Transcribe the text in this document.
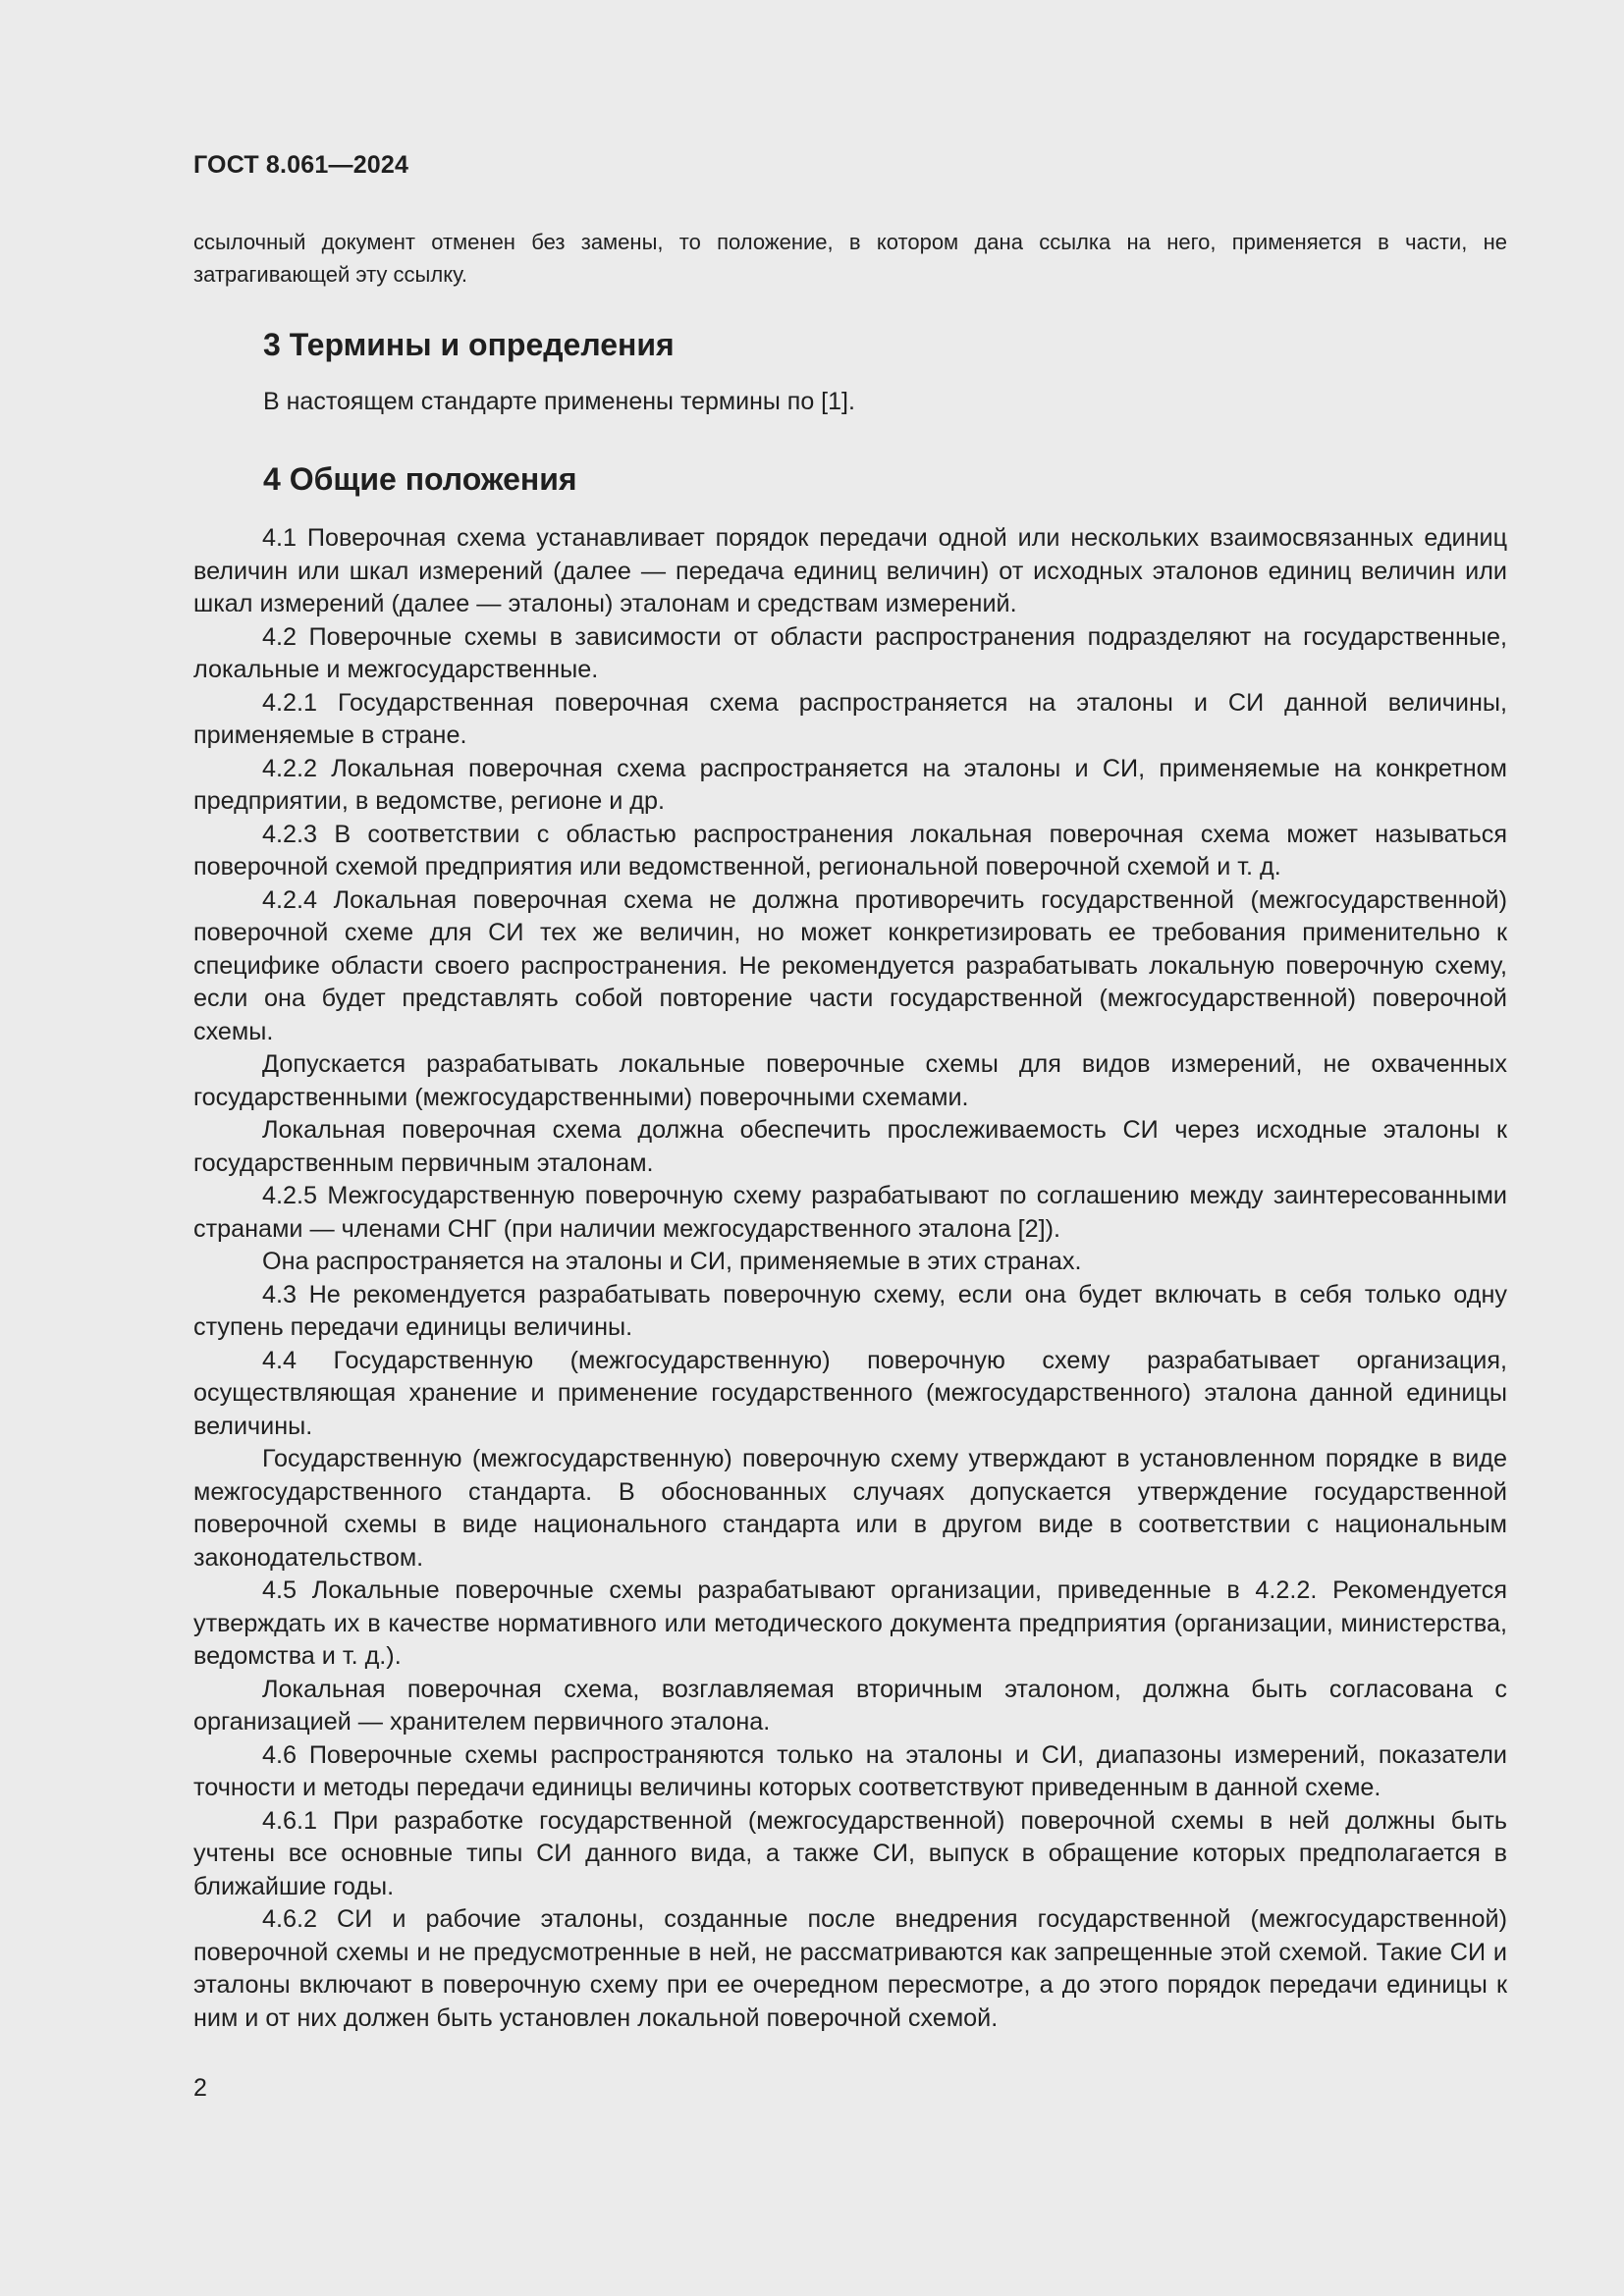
ГОСТ 8.061—2024
ссылочный документ отменен без замены, то положение, в котором дана ссылка на него, применяется в части, не затрагивающей эту ссылку.
3 Термины и определения
В настоящем стандарте применены термины по [1].
4 Общие положения

4.1 Поверочная схема устанавливает порядок передачи одной или нескольких взаимосвязанных единиц величин или шкал измерений (далее — передача единиц величин) от исходных эталонов единиц величин или шкал измерений (далее — эталоны) эталонам и средствам измерений.

4.2 Поверочные схемы в зависимости от области распространения подразделяют на государственные, локальные и межгосударственные.

4.2.1 Государственная поверочная схема распространяется на эталоны и СИ данной величины, применяемые в стране.

4.2.2 Локальная поверочная схема распространяется на эталоны и СИ, применяемые на конкретном предприятии, в ведомстве, регионе и др.

4.2.3 В соответствии с областью распространения локальная поверочная схема может называться поверочной схемой предприятия или ведомственной, региональной поверочной схемой и т. д.

4.2.4 Локальная поверочная схема не должна противоречить государственной (межгосударственной) поверочной схеме для СИ тех же величин, но может конкретизировать ее требования применительно к специфике области своего распространения. Не рекомендуется разрабатывать локальную поверочную схему, если она будет представлять собой повторение части государственной (межгосударственной) поверочной схемы.

Допускается разрабатывать локальные поверочные схемы для видов измерений, не охваченных государственными (межгосударственными) поверочными схемами.

Локальная поверочная схема должна обеспечить прослеживаемость СИ через исходные эталоны к государственным первичным эталонам.

4.2.5 Межгосударственную поверочную схему разрабатывают по соглашению между заинтересованными странами — членами СНГ (при наличии межгосударственного эталона [2]).

Она распространяется на эталоны и СИ, применяемые в этих странах.

4.3 Не рекомендуется разрабатывать поверочную схему, если она будет включать в себя только одну ступень передачи единицы величины.

4.4 Государственную (межгосударственную) поверочную схему разрабатывает организация, осуществляющая хранение и применение государственного (межгосударственного) эталона данной единицы величины.

Государственную (межгосударственную) поверочную схему утверждают в установленном порядке в виде межгосударственного стандарта. В обоснованных случаях допускается утверждение государственной поверочной схемы в виде национального стандарта или в другом виде в соответствии с национальным законодательством.

4.5 Локальные поверочные схемы разрабатывают организации, приведенные в 4.2.2. Рекомендуется утверждать их в качестве нормативного или методического документа предприятия (организации, министерства, ведомства и т. д.).

Локальная поверочная схема, возглавляемая вторичным эталоном, должна быть согласована с организацией — хранителем первичного эталона.

4.6 Поверочные схемы распространяются только на эталоны и СИ, диапазоны измерений, показатели точности и методы передачи единицы величины которых соответствуют приведенным в данной схеме.

4.6.1 При разработке государственной (межгосударственной) поверочной схемы в ней должны быть учтены все основные типы СИ данного вида, а также СИ, выпуск в обращение которых предполагается в ближайшие годы.

4.6.2 СИ и рабочие эталоны, созданные после внедрения государственной (межгосударственной) поверочной схемы и не предусмотренные в ней, не рассматриваются как запрещенные этой схемой. Такие СИ и эталоны включают в поверочную схему при ее очередном пересмотре, а до этого порядок передачи единицы к ним и от них должен быть установлен локальной поверочной схемой.

2
